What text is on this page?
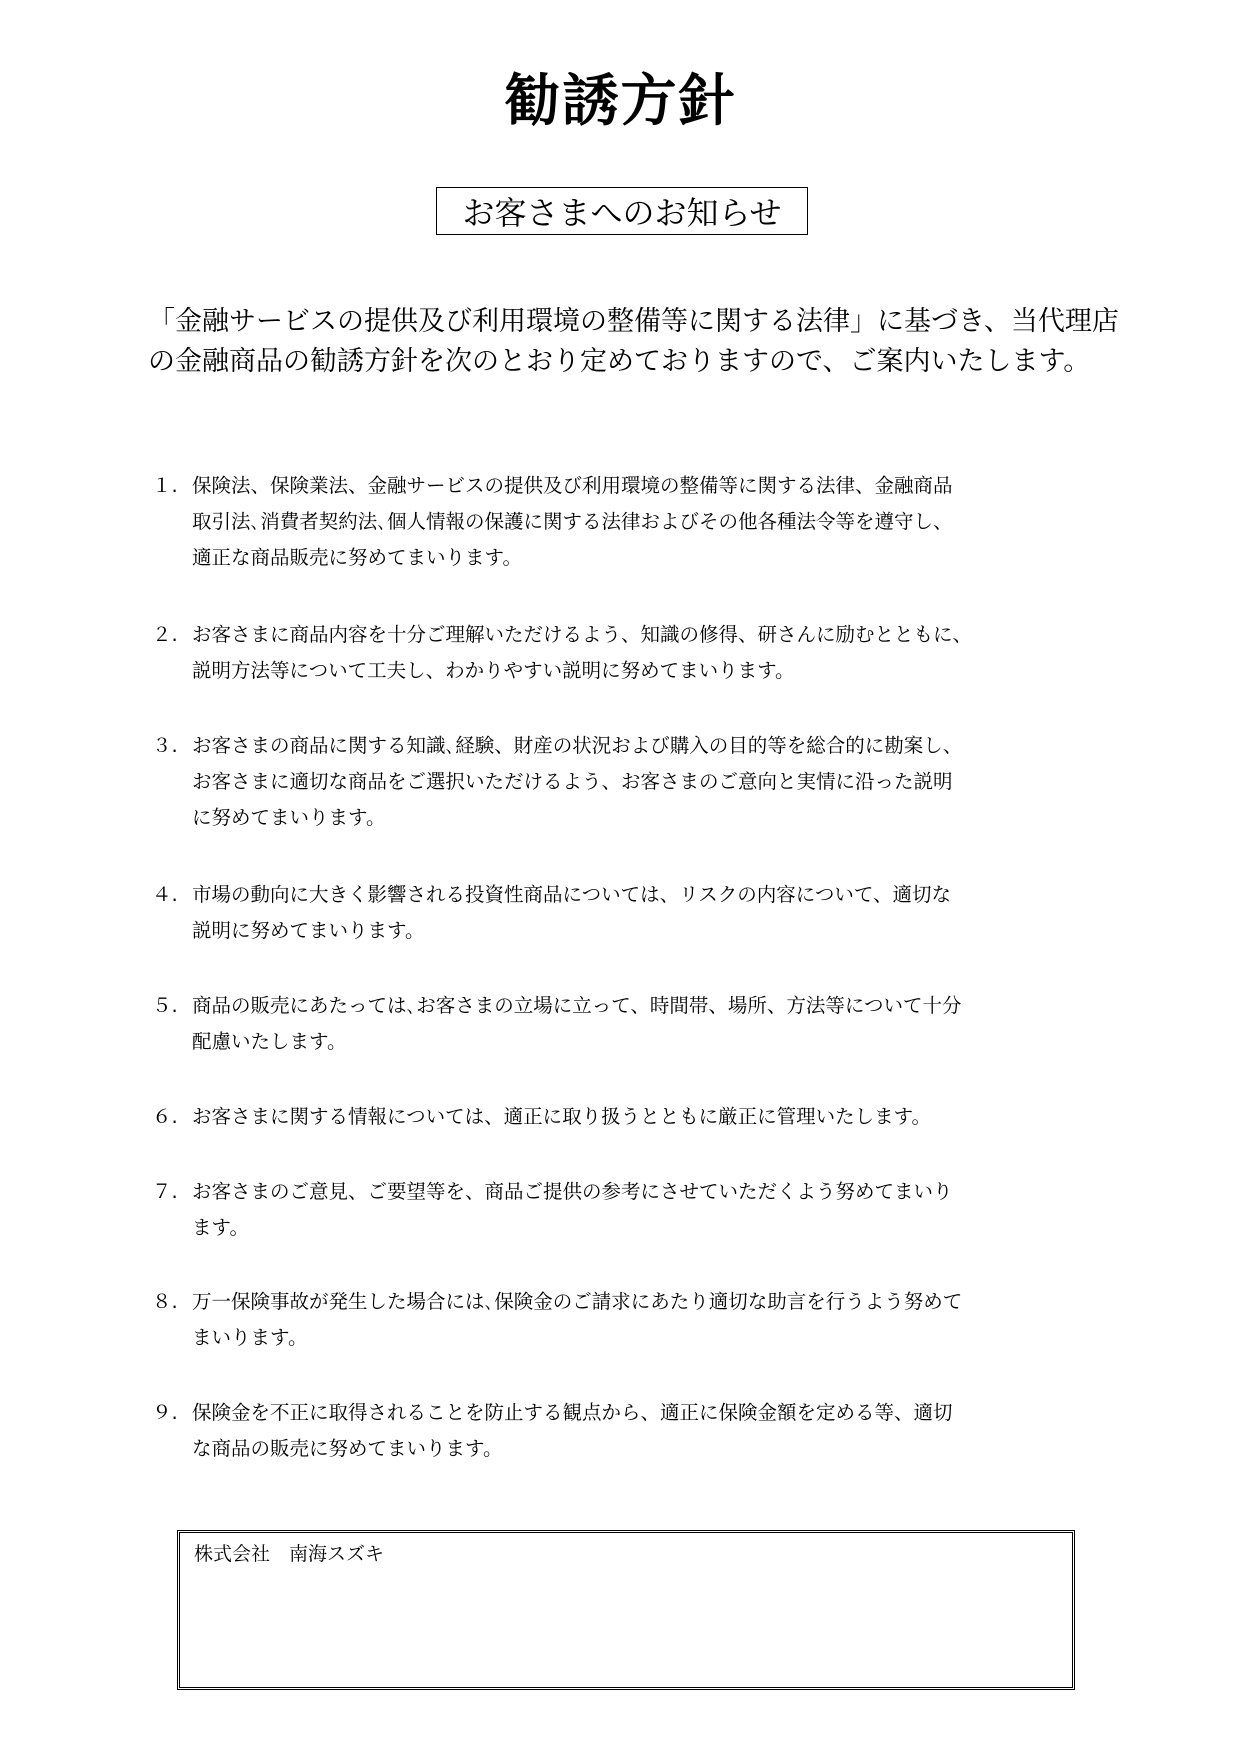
勧誘方針
お客さまへのお知らせ

「金融サービスの提供及び利用環境の整備等に関する法律」に基づき、当代理店の金融商品の勧誘方針を次のとおり定めておりますので、ご案内いたします。

１. 保険法、保険業法、金融サービスの提供及び利用環境の整備等に関する法律、金融商品
取引法､消費者契約法､個人情報の保護に関する法律およびその他各種法令等を遵守し、
適正な商品販売に努めてまいります。
２. お客さまに商品内容を十分ご理解いただけるよう、知識の修得、研さんに励むとともに、
説明方法等について工夫し、わかりやすい説明に努めてまいります。
３. お客さまの商品に関する知識､経験、財産の状況および購入の目的等を総合的に勘案し、
お客さまに適切な商品をご選択いただけるよう、お客さまのご意向と実情に沿った説明
に努めてまいります。
４. 市場の動向に大きく影響される投資性商品については、リスクの内容について、適切な
説明に努めてまいります。
５. 商品の販売にあたっては､お客さまの立場に立って、時間帯、場所、方法等について十分
配慮いたします。
６. お客さまに関する情報については、適正に取り扱うとともに厳正に管理いたします。
７. お客さまのご意見、ご要望等を、商品ご提供の参考にさせていただくよう努めてまいり
ます。
８. 万一保険事故が発生した場合には､保険金のご請求にあたり適切な助言を行うよう努めて
まいります。
９. 保険金を不正に取得されることを防止する観点から、適正に保険金額を定める等、適切
な商品の販売に努めてまいります。
株式会社　南海スズキ
